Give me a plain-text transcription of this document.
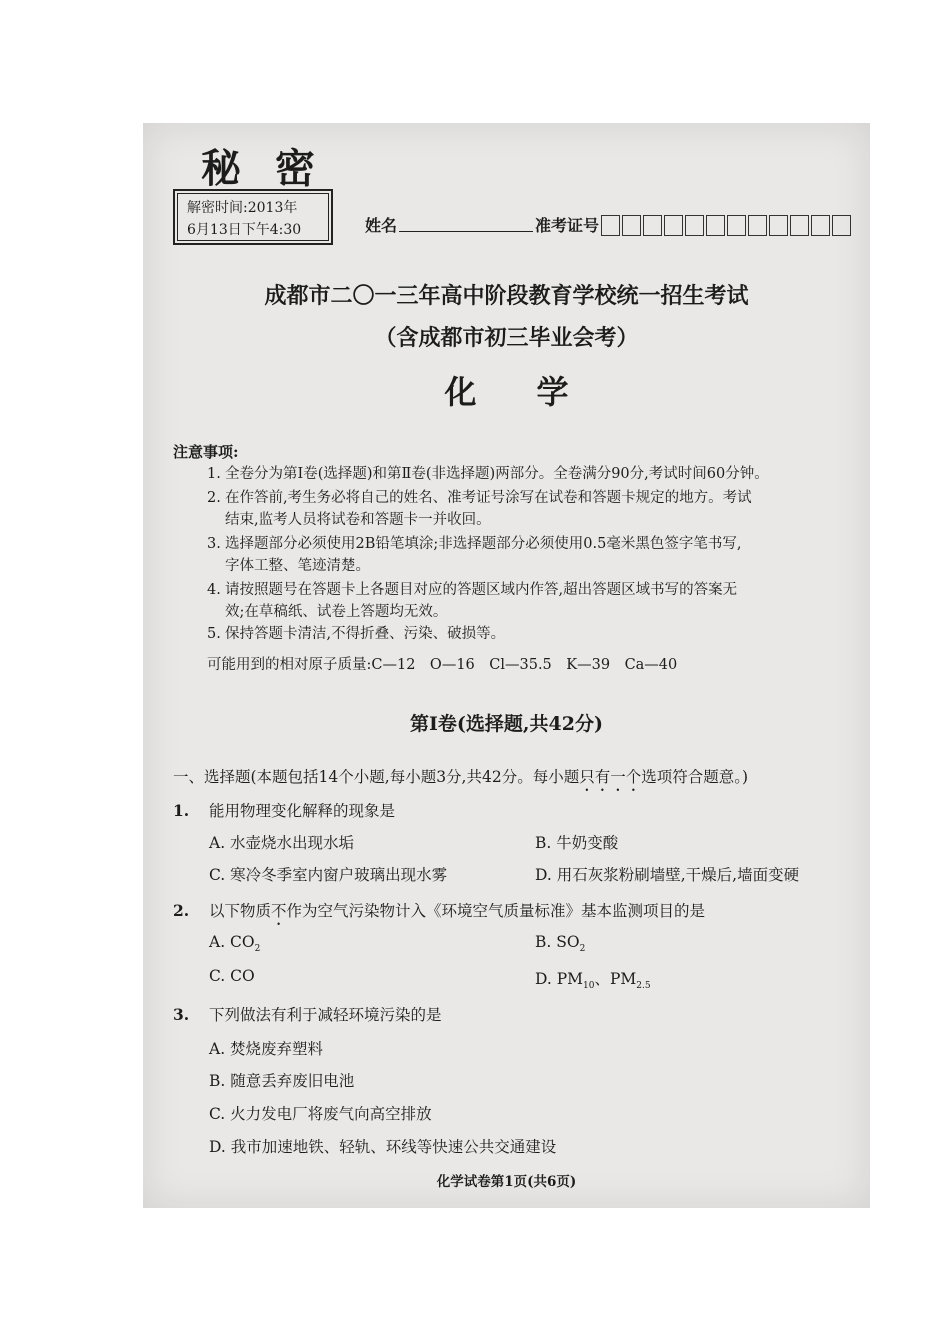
秘密
解密时间:2013年
6月13日下午4:30	姓名	准考证号
成都市二〇一三年高中阶段教育学校统一招生考试
（含成都市初三毕业会考）
化学
注意事项:
1. 全卷分为第Ⅰ卷(选择题)和第Ⅱ卷(非选择题)两部分。全卷满分90分,考试时间60分钟。
2. 在作答前,考生务必将自己的姓名、准考证号涂写在试卷和答题卡规定的地方。考试
结束,监考人员将试卷和答题卡一并收回。
3. 选择题部分必须使用2B铅笔填涂;非选择题部分必须使用0.5毫米黑色签字笔书写,
字体工整、笔迹清楚。
4. 请按照题号在答题卡上各题目对应的答题区域内作答,超出答题区域书写的答案无
效;在草稿纸、试卷上答题均无效。
5. 保持答题卡清洁,不得折叠、污染、破损等。
可能用到的相对原子质量:C—12　O—16　Cl—35.5　K—39　Ca—40
第Ⅰ卷(选择题,共42分)
一、选择题(本题包括14个小题,每小题3分,共42分。每小题只有一个选项符合题意。)
1. 能用物理变化解释的现象是
A. 水壶烧水出现水垢	B. 牛奶变酸
C. 寒冷冬季室内窗户玻璃出现水雾	D. 用石灰浆粉刷墙壁,干燥后,墙面变硬
2. 以下物质不作为空气污染物计入《环境空气质量标准》基本监测项目的是
A. $CO_2$	B. $SO_2$
C. CO	D. $PM_{10}$、$PM_{2.5}$
3. 下列做法有利于减轻环境污染的是
A. 焚烧废弃塑料
B. 随意丢弃废旧电池
C. 火力发电厂将废气向高空排放
D. 我市加速地铁、轻轨、环线等快速公共交通建设
化学试卷第1页(共6页)
